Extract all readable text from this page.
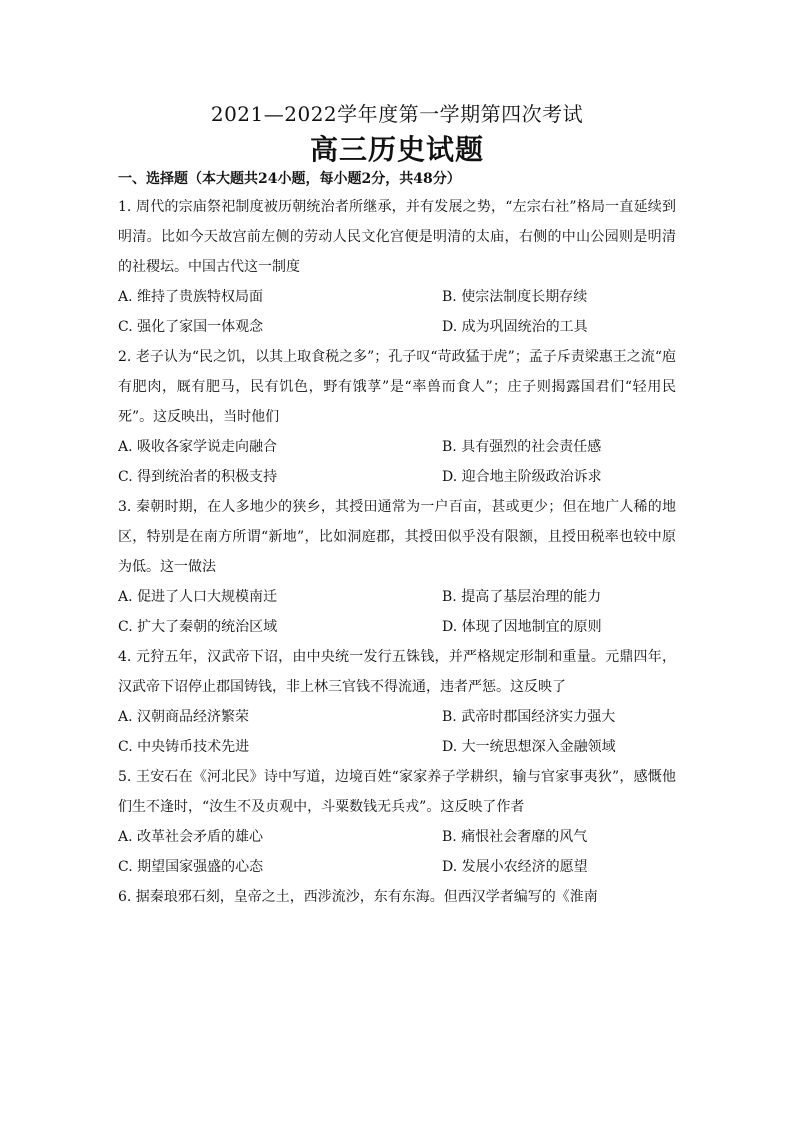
2021—2022学年度第一学期第四次考试
高三历史试题
一、选择题（本大题共24小题，每小题2分，共48分）

1. 周代的宗庙祭祀制度被历朝统治者所继承，并有发展之势，“左宗右社”格局一直延续到明清。比如今天故宫前左侧的劳动人民文化宫便是明清的太庙，右侧的中山公园则是明清的社稷坛。中国古代这一制度

A. 维持了贵族特权局面	B. 使宗法制度长期存续
C. 强化了家国一体观念	D. 成为巩固统治的工具

2. 老子认为“民之饥，以其上取食税之多”；孔子叹“苛政猛于虎”；孟子斥责梁惠王之流“庖有肥肉，厩有肥马，民有饥色，野有饿莩”是“率兽而食人”；庄子则揭露国君们“轻用民死”。这反映出，当时他们

A. 吸收各家学说走向融合	B. 具有强烈的社会责任感
C. 得到统治者的积极支持	D. 迎合地主阶级政治诉求

3. 秦朝时期，在人多地少的狭乡，其授田通常为一户百亩，甚或更少；但在地广人稀的地区，特别是在南方所谓“新地”，比如洞庭郡，其授田似乎没有限额，且授田税率也较中原为低。这一做法

A. 促进了人口大规模南迁	B. 提高了基层治理的能力
C. 扩大了秦朝的统治区域	D. 体现了因地制宜的原则

4. 元狩五年，汉武帝下诏，由中央统一发行五铢钱，并严格规定形制和重量。元鼎四年，汉武帝下诏停止郡国铸钱，非上林三官钱不得流通，违者严惩。这反映了

A. 汉朝商品经济繁荣	B. 武帝时郡国经济实力强大
C. 中央铸币技术先进	D. 大一统思想深入金融领域

5. 王安石在《河北民》诗中写道，边境百姓“家家养子学耕织，输与官家事夷狄”，感慨他们生不逢时，“汝生不及贞观中，斗粟数钱无兵戎”。这反映了作者

A. 改革社会矛盾的雄心	B. 痛恨社会奢靡的风气
C. 期望国家强盛的心态	D. 发展小农经济的愿望

6. 据秦琅邪石刻，皇帝之土，西涉流沙，东有东海。但西汉学者编写的《淮南
